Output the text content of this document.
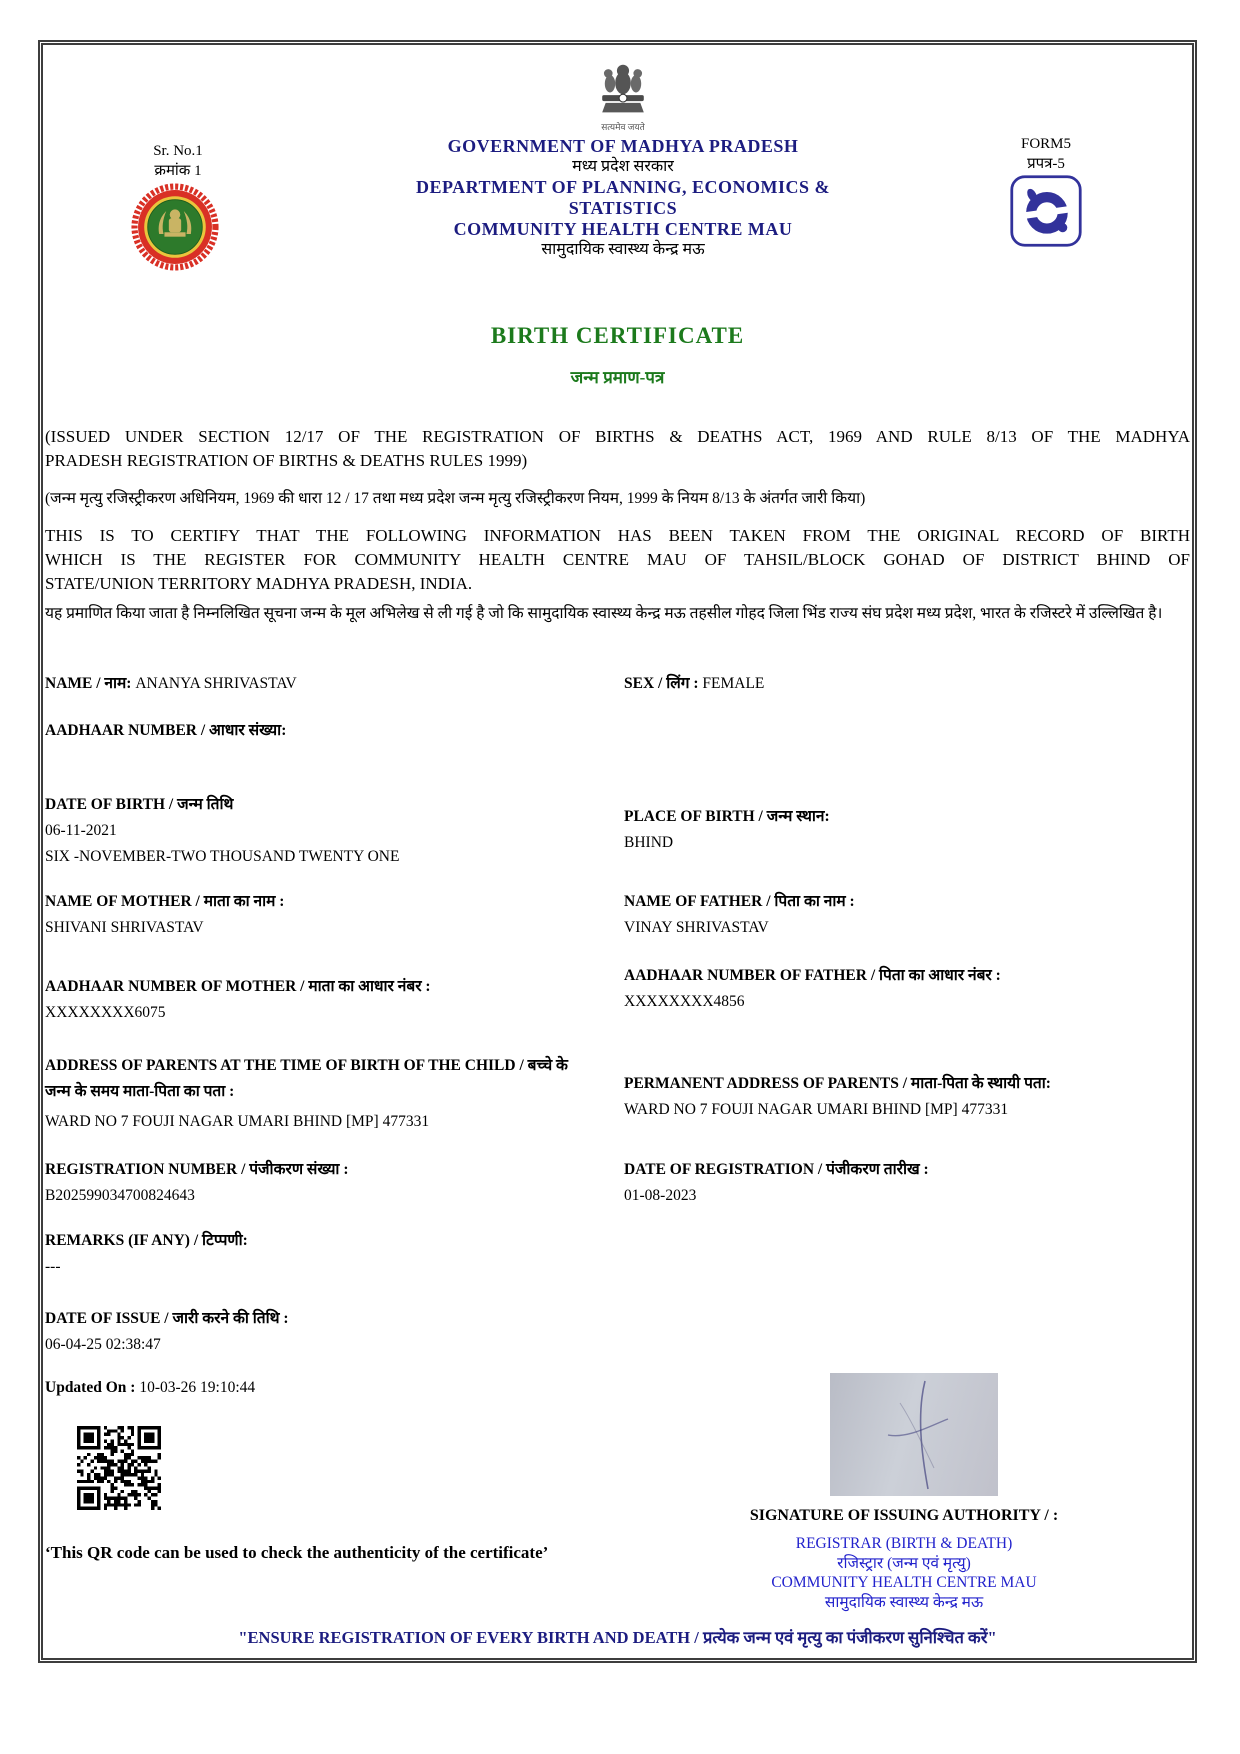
Sr. No.1
क्रमांक 1
सत्यमेव जयते
GOVERNMENT OF MADHYA PRADESH
मध्य प्रदेश सरकार
DEPARTMENT OF PLANNING, ECONOMICS & STATISTICS
COMMUNITY HEALTH CENTRE MAU
सामुदायिक स्वास्थ्य केन्द्र मऊ
FORM5
प्रपत्र-5
BIRTH CERTIFICATE
जन्म प्रमाण-पत्र
(ISSUED UNDER SECTION 12/17 OF THE REGISTRATION OF BIRTHS & DEATHS ACT, 1969 AND RULE 8/13 OF THE MADHYA
PRADESH REGISTRATION OF BIRTHS & DEATHS RULES 1999)
(जन्म मृत्यु रजिस्ट्रीकरण अधिनियम, 1969 की धारा 12 / 17 तथा मध्य प्रदेश जन्म मृत्यु रजिस्ट्रीकरण नियम, 1999 के नियम 8/13 के अंतर्गत जारी किया)
THIS IS TO CERTIFY THAT THE FOLLOWING INFORMATION HAS BEEN TAKEN FROM THE ORIGINAL RECORD OF BIRTH
WHICH IS THE REGISTER FOR COMMUNITY HEALTH CENTRE MAU OF TAHSIL/BLOCK GOHAD OF DISTRICT BHIND OF
STATE/UNION TERRITORY MADHYA PRADESH, INDIA.
यह प्रमाणित किया जाता है निम्नलिखित सूचना जन्म के मूल अभिलेख से ली गई है जो कि सामुदायिक स्वास्थ्य केन्द्र मऊ तहसील गोहद जिला भिंड राज्य संघ प्रदेश मध्य प्रदेश, भारत के रजिस्टरे में उल्लिखित है।
NAME / नाम: ANANYA SHRIVASTAV	SEX / लिंग : FEMALE
AADHAAR NUMBER / आधार संख्या:
DATE OF BIRTH / जन्म तिथि
06-11-2021
SIX -NOVEMBER-TWO THOUSAND TWENTY ONE
PLACE OF BIRTH / जन्म स्थान:
BHIND
NAME OF MOTHER / माता का नाम :
SHIVANI SHRIVASTAV
NAME OF FATHER / पिता का नाम :
VINAY SHRIVASTAV
AADHAAR NUMBER OF MOTHER / माता का आधार नंबर :
XXXXXXXX6075
AADHAAR NUMBER OF FATHER / पिता का आधार नंबर :
XXXXXXXX4856
ADDRESS OF PARENTS AT THE TIME OF BIRTH OF THE CHILD / बच्चे के जन्म के समय माता-पिता का पता :
WARD NO 7 FOUJI NAGAR UMARI BHIND [MP] 477331
PERMANENT ADDRESS OF PARENTS / माता-पिता के स्थायी पता:
WARD NO 7 FOUJI NAGAR UMARI BHIND [MP] 477331
REGISTRATION NUMBER / पंजीकरण संख्या :
B202599034700824643
DATE OF REGISTRATION / पंजीकरण तारीख :
01-08-2023
REMARKS (IF ANY) / टिप्पणी:
---
DATE OF ISSUE / जारी करने की तिथि :
06-04-25 02:38:47
Updated On : 10-03-26 19:10:44
‘This QR code can be used to check the authenticity of the certificate’
SIGNATURE OF ISSUING AUTHORITY / :
REGISTRAR (BIRTH & DEATH)
रजिस्ट्रार (जन्म एवं मृत्यु)
COMMUNITY HEALTH CENTRE MAU
सामुदायिक स्वास्थ्य केन्द्र मऊ
"ENSURE REGISTRATION OF EVERY BIRTH AND DEATH / प्रत्येक जन्म एवं मृत्यु का पंजीकरण सुनिश्चित करें"
